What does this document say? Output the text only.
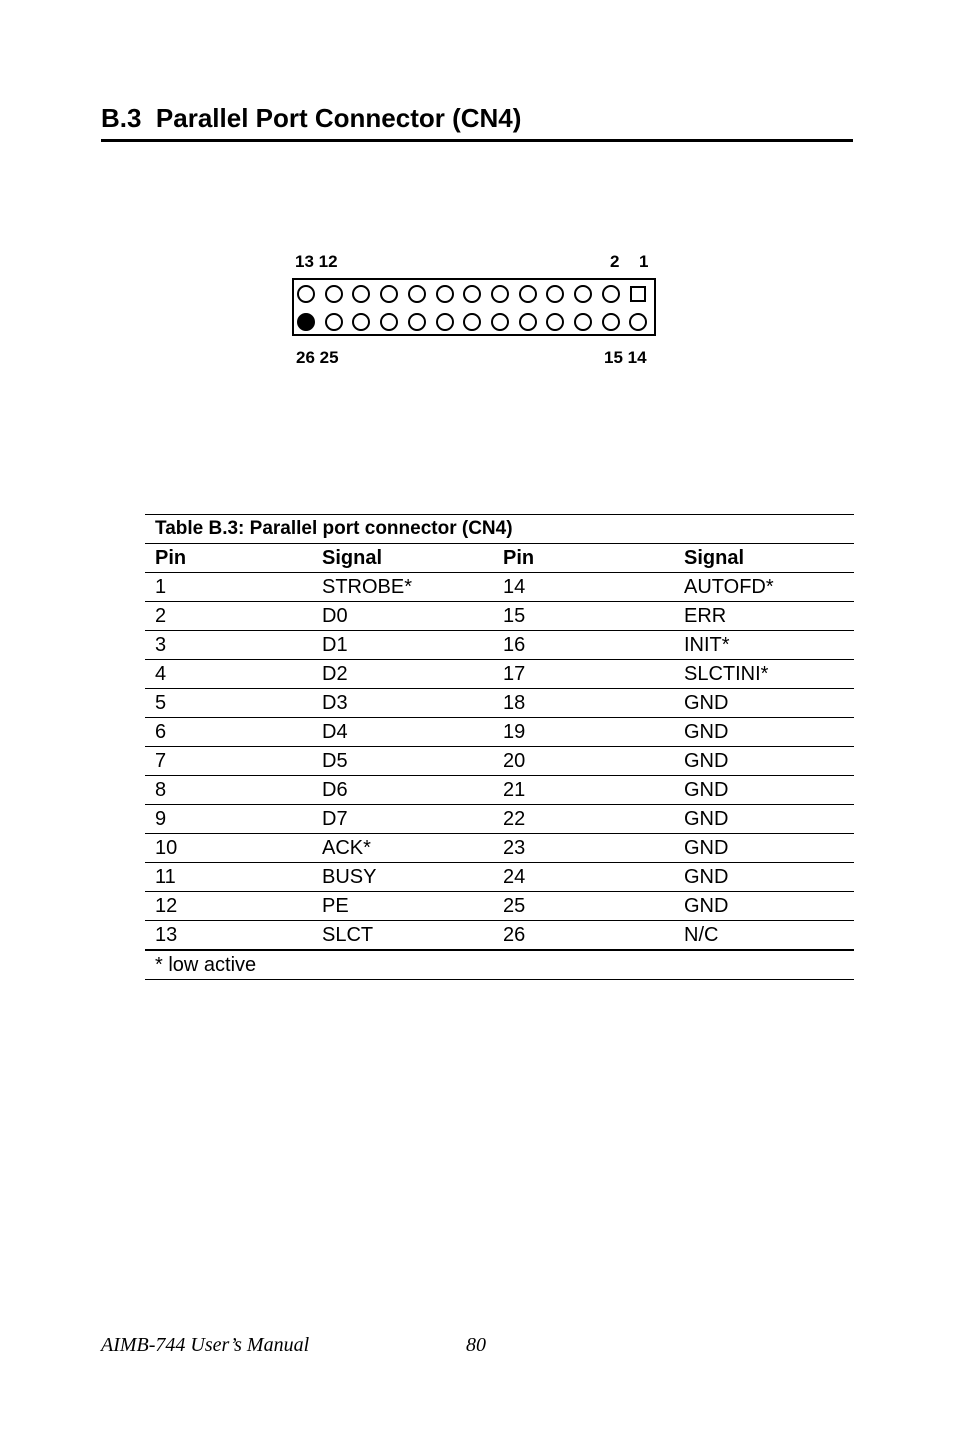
B.3  Parallel Port Connector (CN4)
13 12	2 1
26 25	15 14
Table B.3: Parallel port connector (CN4)
Pin	Signal	Pin	Signal
1	STROBE*	14	AUTOFD*
2	D0	15	ERR
3	D1	16	INIT*
4	D2	17	SLCTINI*
5	D3	18	GND
6	D4	19	GND
7	D5	20	GND
8	D6	21	GND
9	D7	22	GND
10	ACK*	23	GND
11	BUSY	24	GND
12	PE	25	GND
13	SLCT	26	N/C
* low active
AIMB-744 User’s Manual	80
